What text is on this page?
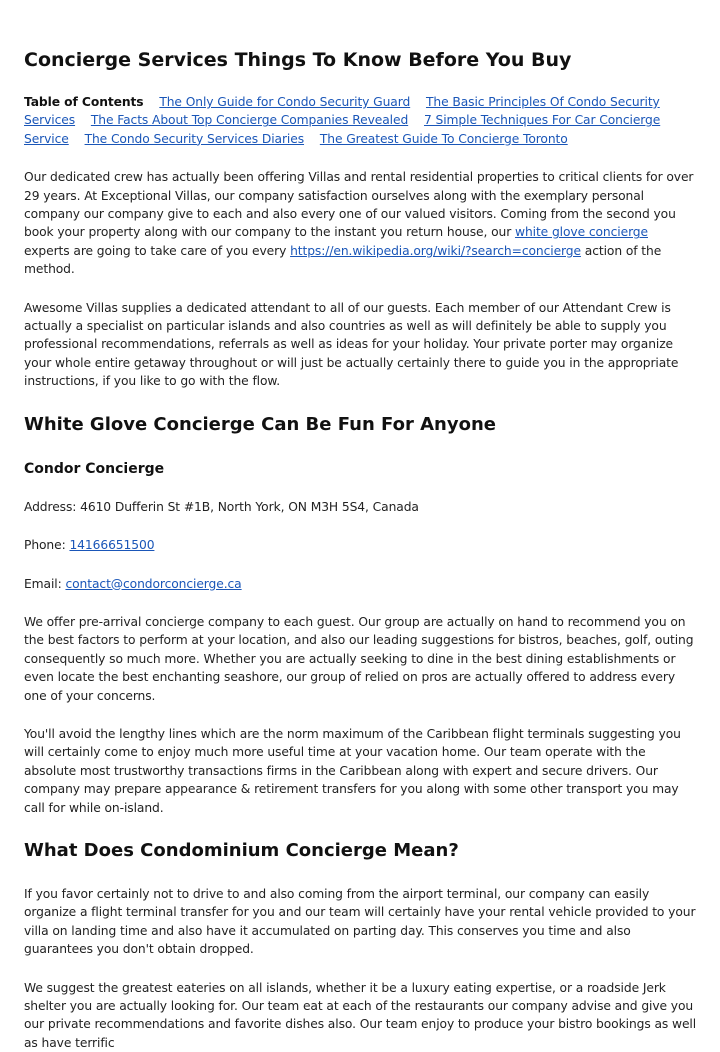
Concierge Services Things To Know Before You Buy
Table of Contents The Only Guide for Condo Security Guard The Basic Principles Of Condo Security Services The Facts About Top Concierge Companies Revealed 7 Simple Techniques For Car Concierge Service The Condo Security Services Diaries The Greatest Guide To Concierge Toronto

Our dedicated crew has actually been offering Villas and rental residential properties to critical clients for over 29 years. At Exceptional Villas, our company satisfaction ourselves along with the exemplary personal company our company give to each and also every one of our valued visitors. Coming from the second you book your property along with our company to the instant you return house, our white glove concierge experts are going to take care of you every https://en.wikipedia.org/wiki/?search=concierge action of the method.

Awesome Villas supplies a dedicated attendant to all of our guests. Each member of our Attendant Crew is actually a specialist on particular islands and also countries as well as will definitely be able to supply you professional recommendations, referrals as well as ideas for your holiday. Your private porter may organize your whole entire getaway throughout or will just be actually certainly there to guide you in the appropriate instructions, if you like to go with the flow.

White Glove Concierge Can Be Fun For Anyone
Condor Concierge

Address: 4610 Dufferin St #1B, North York, ON M3H 5S4, Canada

Phone: 14166651500

Email: contact@condorconcierge.ca

We offer pre-arrival concierge company to each guest. Our group are actually on hand to recommend you on the best factors to perform at your location, and also our leading suggestions for bistros, beaches, golf, outing consequently so much more. Whether you are actually seeking to dine in the best dining establishments or even locate the best enchanting seashore, our group of relied on pros are actually offered to address every one of your concerns.

You'll avoid the lengthy lines which are the norm maximum of the Caribbean flight terminals suggesting you will certainly come to enjoy much more useful time at your vacation home. Our team operate with the absolute most trustworthy transactions firms in the Caribbean along with expert and secure drivers. Our company may prepare appearance & retirement transfers for you along with some other transport you may call for while on-island.

What Does Condominium Concierge Mean?

If you favor certainly not to drive to and also coming from the airport terminal, our company can easily organize a flight terminal transfer for you and our team will certainly have your rental vehicle provided to your villa on landing time and also have it accumulated on parting day. This conserves you time and also guarantees you don't obtain dropped.

We suggest the greatest eateries on all islands, whether it be a luxury eating expertise, or a roadside Jerk shelter you are actually looking for. Our team eat at each of the restaurants our company advise and give you our private recommendations and favorite dishes also. Our team enjoy to produce your bistro bookings as well as have terrific
